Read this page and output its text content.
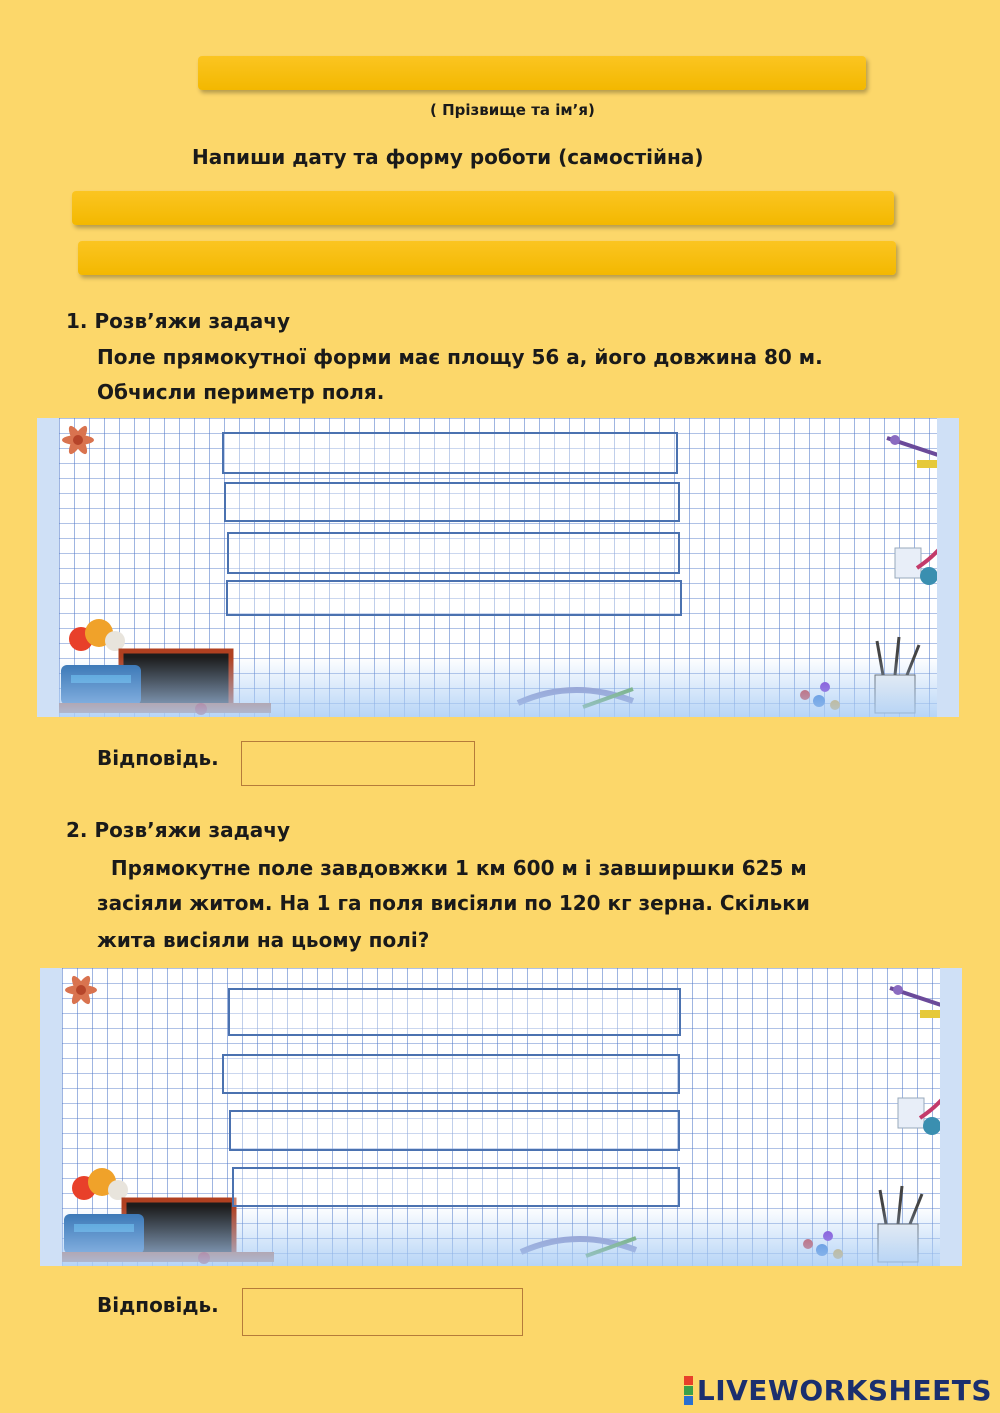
( Прізвище та ім’я)
Напиши дату та форму роботи (самостійна)
1. Розв’яжи задачу
Поле прямокутної форми має площу 56 а, його довжина 80 м.
Обчисли периметр поля.
Відповідь.
2. Розв’яжи задачу
Прямокутне поле завдовжки 1 км 600 м і завширшки 625 м
засіяли житом. На 1 га поля висіяли по 120 кг зерна. Скільки
жита висіяли на цьому полі?
Відповідь.
LIVEWORKSHEETS
